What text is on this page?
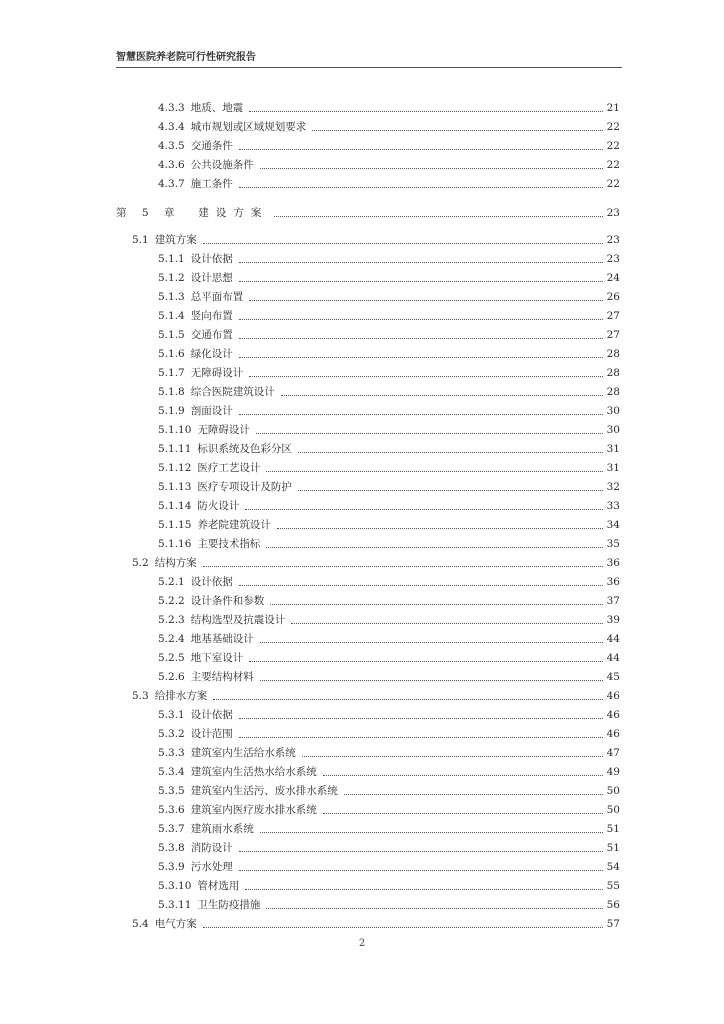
智慧医院养老院可行性研究报告
4.3.3 地质、地震	21
4.3.4 城市规划或区域规划要求	22
4.3.5 交通条件	22
4.3.6 公共设施条件	22
4.3.7 施工条件	22
第 5 章 建设方案	23
5.1 建筑方案	23
5.1.1 设计依据	23
5.1.2 设计思想	24
5.1.3 总平面布置	26
5.1.4 竖向布置	27
5.1.5 交通布置	27
5.1.6 绿化设计	28
5.1.7 无障碍设计	28
5.1.8 综合医院建筑设计	28
5.1.9 剖面设计	30
5.1.10 无障碍设计	30
5.1.11 标识系统及色彩分区	31
5.1.12 医疗工艺设计	31
5.1.13 医疗专项设计及防护	32
5.1.14 防火设计	33
5.1.15 养老院建筑设计	34
5.1.16 主要技术指标	35
5.2 结构方案	36
5.2.1 设计依据	36
5.2.2 设计条件和参数	37
5.2.3 结构选型及抗震设计	39
5.2.4 地基基础设计	44
5.2.5 地下室设计	44
5.2.6 主要结构材料	45
5.3 给排水方案	46
5.3.1 设计依据	46
5.3.2 设计范围	46
5.3.3 建筑室内生活给水系统	47
5.3.4 建筑室内生活热水给水系统	49
5.3.5 建筑室内生活污、废水排水系统	50
5.3.6 建筑室内医疗废水排水系统	50
5.3.7 建筑雨水系统	51
5.3.8 消防设计	51
5.3.9 污水处理	54
5.3.10 管材选用	55
5.3.11 卫生防疫措施	56
5.4 电气方案	57
2
